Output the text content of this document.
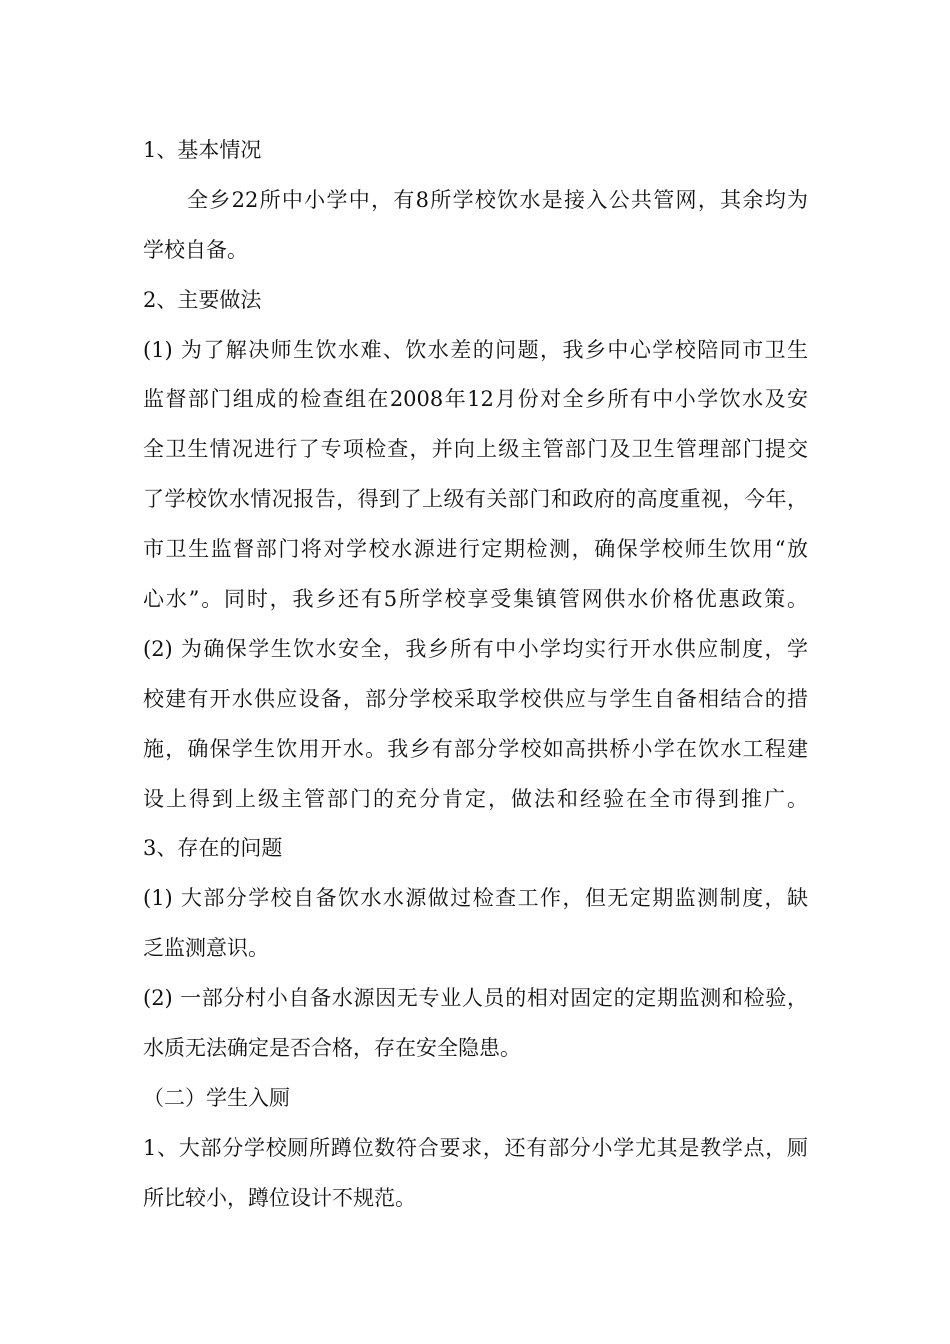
1、基本情况
全乡22所中小学中，有8所学校饮水是接入公共管网，其余均为
学校自备。
2、主要做法
(1) 为了解决师生饮水难、饮水差的问题，我乡中心学校陪同市卫生
监督部门组成的检查组在2008年12月份对全乡所有中小学饮水及安
全卫生情况进行了专项检查，并向上级主管部门及卫生管理部门提交
了学校饮水情况报告，得到了上级有关部门和政府的高度重视，今年，
市卫生监督部门将对学校水源进行定期检测，确保学校师生饮用“放
心水”。同时，我乡还有5所学校享受集镇管网供水价格优惠政策。
(2) 为确保学生饮水安全，我乡所有中小学均实行开水供应制度，学
校建有开水供应设备，部分学校采取学校供应与学生自备相结合的措
施，确保学生饮用开水。我乡有部分学校如高拱桥小学在饮水工程建
设上得到上级主管部门的充分肯定，做法和经验在全市得到推广。
3、存在的问题
(1) 大部分学校自备饮水水源做过检查工作，但无定期监测制度，缺
乏监测意识。
(2) 一部分村小自备水源因无专业人员的相对固定的定期监测和检验，
水质无法确定是否合格，存在安全隐患。
（二）学生入厕
1、大部分学校厕所蹲位数符合要求，还有部分小学尤其是教学点，厕
所比较小，蹲位设计不规范。
